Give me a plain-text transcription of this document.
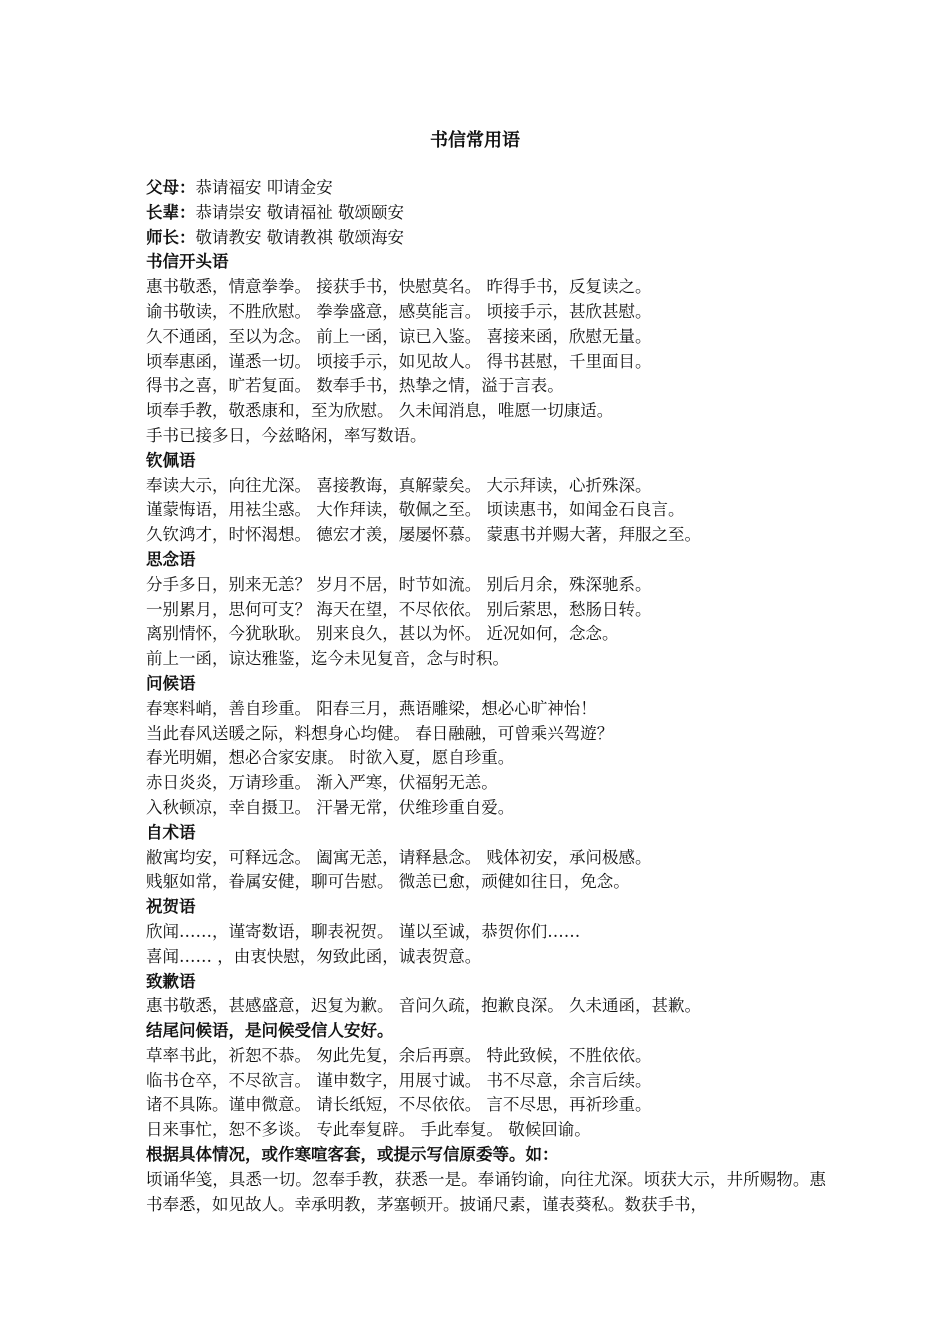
书信常用语

父母：恭请福安 叩请金安

长辈：恭请崇安 敬请福祉 敬颂颐安

师长：敬请教安 敬请教祺 敬颂海安

书信开头语

惠书敬悉，情意拳拳。 接获手书，快慰莫名。 昨得手书，反复读之。

谕书敬读，不胜欣慰。 拳拳盛意，感莫能言。 顷接手示，甚欣甚慰。

久不通函，至以为念。 前上一函，谅已入鉴。 喜接来函，欣慰无量。

顷奉惠函，谨悉一切。 顷接手示，如见故人。 得书甚慰，千里面目。

得书之喜，旷若复面。 数奉手书，热挚之情，溢于言表。

顷奉手教，敬悉康和，至为欣慰。 久未闻消息，唯愿一切康适。

手书已接多日，今兹略闲，率写数语。

钦佩语

奉读大示，向往尤深。 喜接教诲，真解蒙矣。 大示拜读，心折殊深。

谨蒙悔语，用袪尘惑。 大作拜读，敬佩之至。 顷读惠书，如闻金石良言。

久钦鸿才，时怀渴想。 德宏才羡，屡屡怀慕。 蒙惠书并赐大著，拜服之至。

思念语

分手多日，别来无恙？ 岁月不居，时节如流。 别后月余，殊深驰系。

一别累月，思何可支？ 海天在望，不尽依依。 别后萦思，愁肠日转。

离别情怀，今犹耿耿。 别来良久，甚以为怀。 近况如何，念念。

前上一函，谅达雅鉴，迄今未见复音，念与时积。

问候语

春寒料峭，善自珍重。 阳春三月，燕语雕梁，想必心旷神怡！

当此春风送暖之际，料想身心均健。 春日融融，可曾乘兴驾遊？

春光明媚，想必合家安康。 时欲入夏，愿自珍重。

赤日炎炎，万请珍重。 渐入严寒，伏福躬无恙。

入秋顿凉，幸自摄卫。 汗暑无常，伏维珍重自爱。

自术语

敝寓均安，可释远念。 阖寓无恙，请释悬念。 贱体初安，承问极感。

贱躯如常，眷属安健，聊可告慰。 微恙已愈，顽健如往日，免念。

祝贺语

欣闻……，谨寄数语，聊表祝贺。 谨以至诚，恭贺你们……

喜闻…… ，由衷快慰，匆致此函，诚表贺意。

致歉语

惠书敬悉，甚感盛意，迟复为歉。 音问久疏，抱歉良深。 久未通函，甚歉。

结尾问候语，是问候受信人安好。

草率书此，祈恕不恭。 匆此先复，余后再禀。 特此致候，不胜依依。

临书仓卒，不尽欲言。 谨申数字，用展寸诚。 书不尽意，余言后续。

诸不具陈。谨申微意。 请长纸短，不尽依依。 言不尽思，再祈珍重。

日来事忙，恕不多谈。 专此奉复辟。 手此奉复。 敬候回谕。

根据具体情况，或作寒喧客套，或提示写信原委等。如：

顷诵华笺，具悉一切。忽奉手教，获悉一是。奉诵钧谕，向往尤深。顷获大示，井所赐物。惠书奉悉，如见故人。幸承明教，茅塞顿开。披诵尺素，谨表葵私。数获手书，
